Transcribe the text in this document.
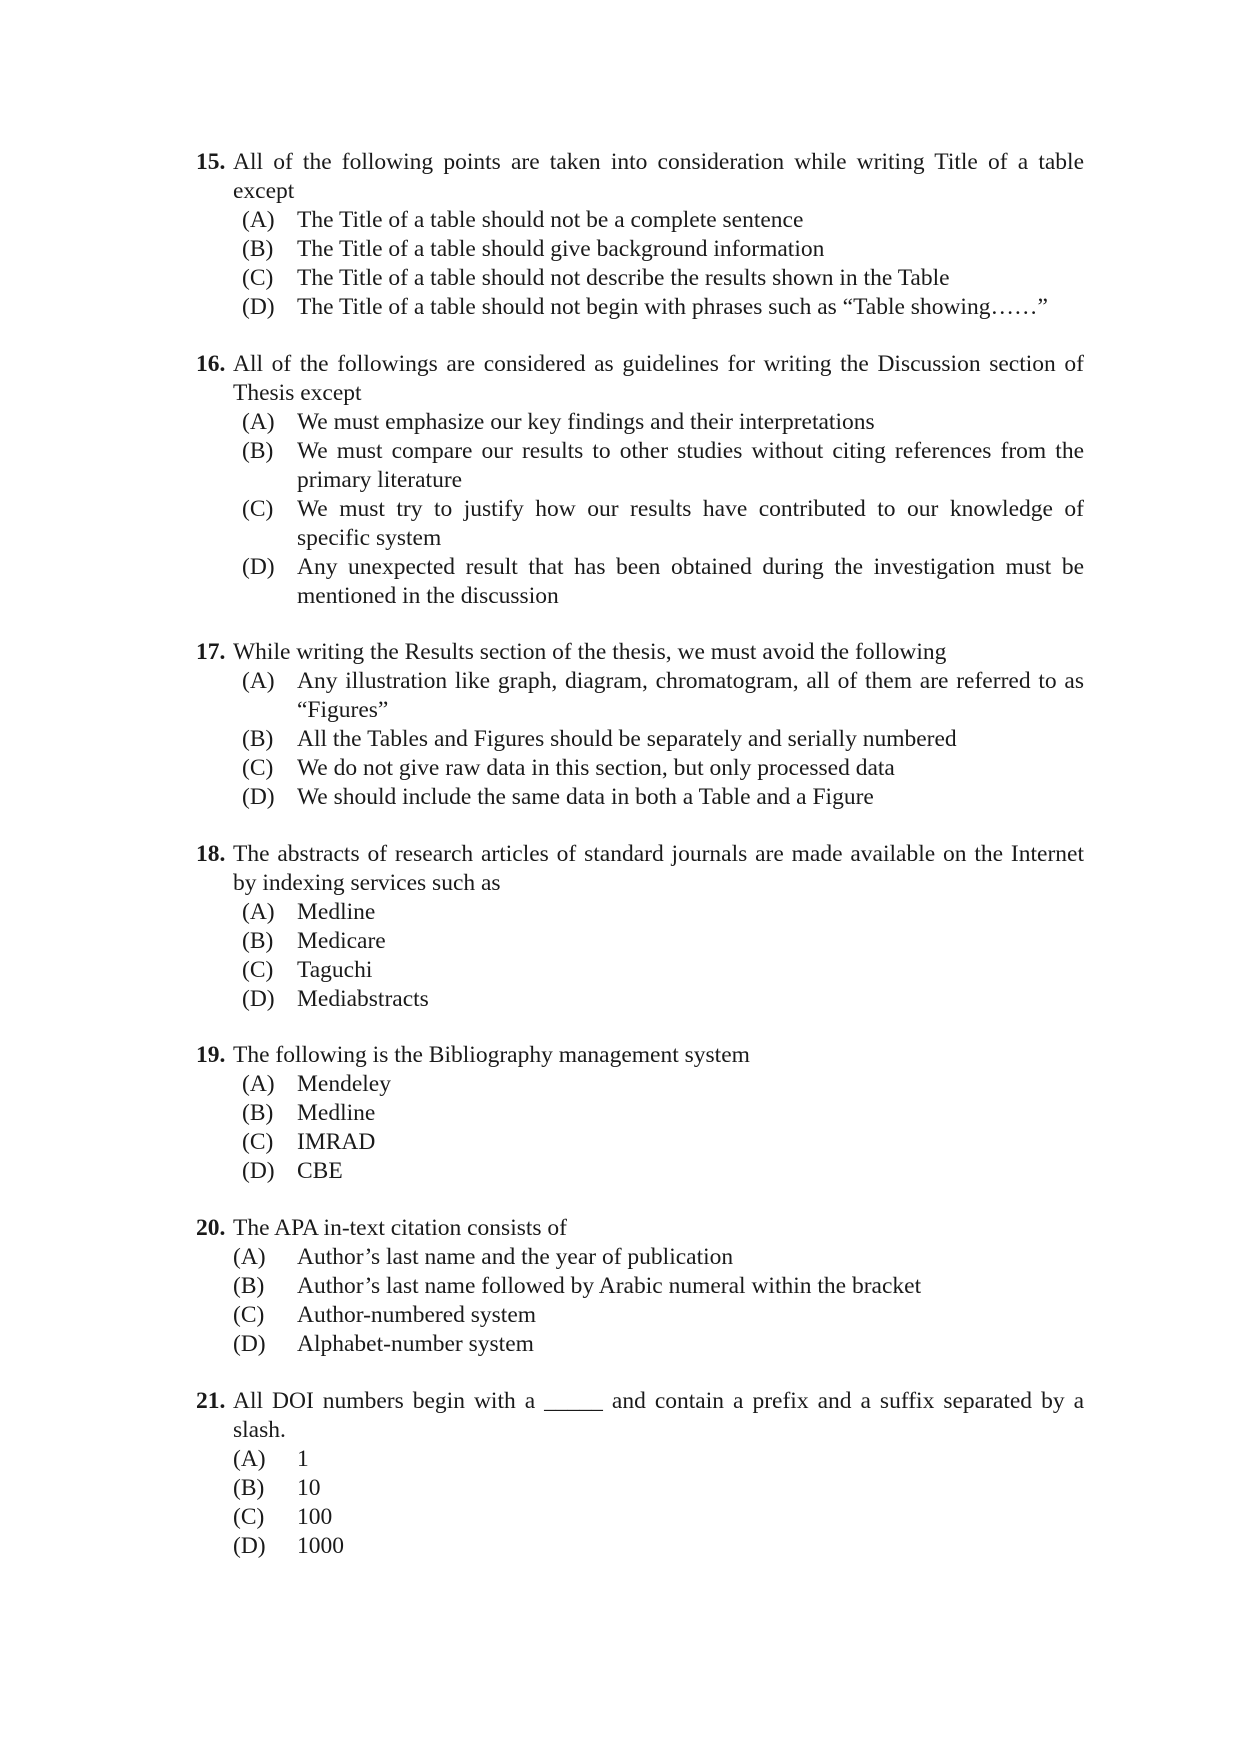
15. All of the following points are taken into consideration while writing Title of a table except
(A) The Title of a table should not be a complete sentence
(B) The Title of a table should give background information
(C) The Title of a table should not describe the results shown in the Table
(D) The Title of a table should not begin with phrases such as “Table showing……”
16. All of the followings are considered as guidelines for writing the Discussion section of Thesis except
(A) We must emphasize our key findings and their interpretations
(B) We must compare our results to other studies without citing references from the primary literature
(C) We must try to justify how our results have contributed to our knowledge of specific system
(D) Any unexpected result that has been obtained during the investigation must be mentioned in the discussion
17. While writing the Results section of the thesis, we must avoid the following
(A) Any illustration like graph, diagram, chromatogram, all of them are referred to as “Figures”
(B) All the Tables and Figures should be separately and serially numbered
(C) We do not give raw data in this section, but only processed data
(D) We should include the same data in both a Table and a Figure
18. The abstracts of research articles of standard journals are made available on the Internet by indexing services such as
(A) Medline
(B) Medicare
(C) Taguchi
(D) Mediabstracts
19. The following is the Bibliography management system
(A) Mendeley
(B) Medline
(C) IMRAD
(D) CBE
20. The APA in-text citation consists of
(A) Author’s last name and the year of publication
(B) Author’s last name followed by Arabic numeral within the bracket
(C) Author-numbered system
(D) Alphabet-number system
21. All DOI numbers begin with a _____ and contain a prefix and a suffix separated by a slash.
(A) 1
(B) 10
(C) 100
(D) 1000
